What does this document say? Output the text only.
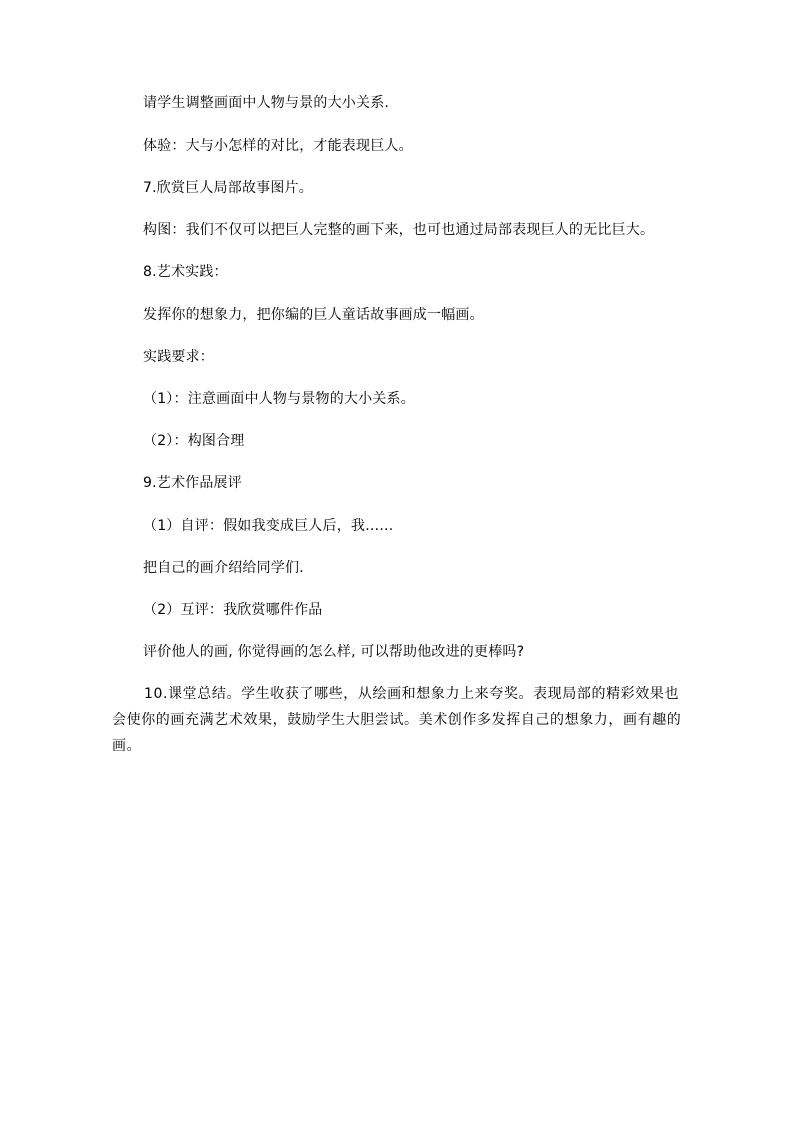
请学生调整画面中人物与景的大小关系.

体验：大与小怎样的对比，才能表现巨人。

7.欣赏巨人局部故事图片。

构图：我们不仅可以把巨人完整的画下来，也可也通过局部表现巨人的无比巨大。

8.艺术实践：

发挥你的想象力，把你编的巨人童话故事画成一幅画。

实践要求：

（1）：注意画面中人物与景物的大小关系。

（2）：构图合理

9.艺术作品展评

（1）自评：假如我变成巨人后，我……

把自己的画介绍给同学们.

（2）互评：我欣赏哪件作品

评价他人的画, 你觉得画的怎么样, 可以帮助他改进的更棒吗?

10.课堂总结。学生收获了哪些，从绘画和想象力上来夸奖。表现局部的精彩效果也会使你的画充满艺术效果，鼓励学生大胆尝试。美术创作多发挥自己的想象力，画有趣的画。
